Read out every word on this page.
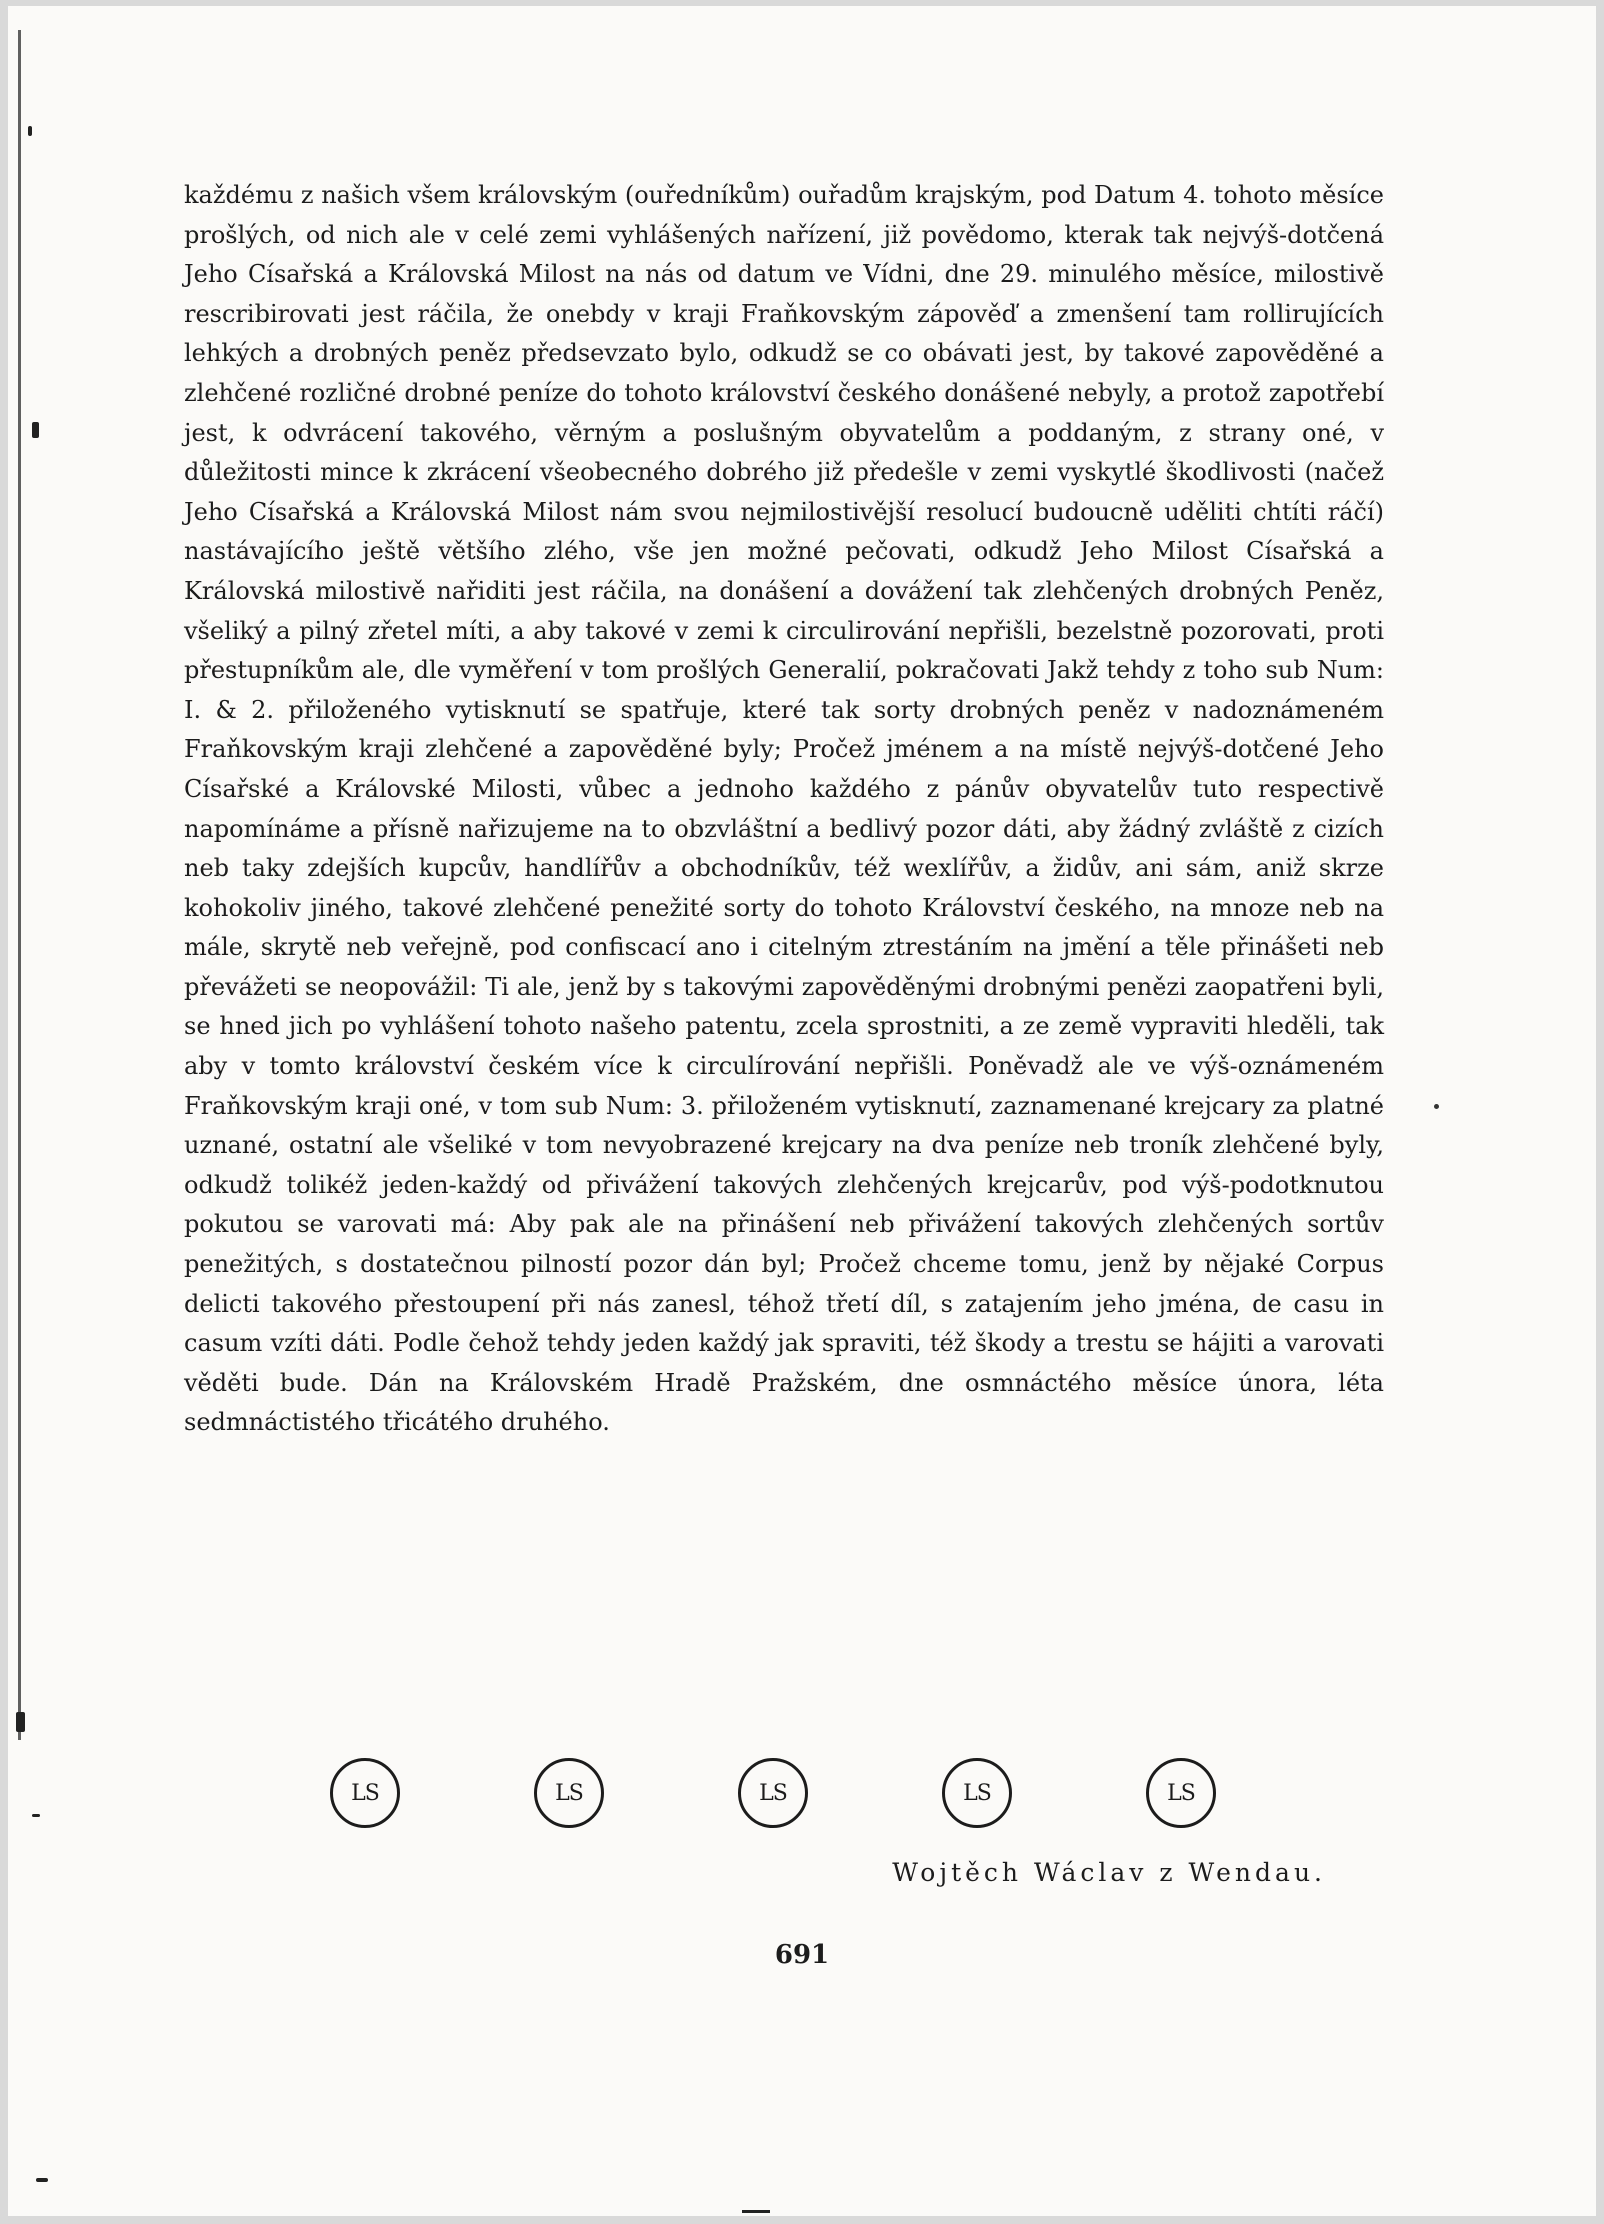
každému z našich všem královským (ouředníkům) ouřadům krajským, pod Datum 4. tohoto měsíce prošlých, od nich ale v celé zemi vyhlášených nařízení, již povědomo, kterak tak nejvýš-dotčená Jeho Císařská a Královská Milost na nás od datum ve Vídni, dne 29. minulého měsíce, milostivě rescribirovati jest ráčila, že onebdy v kraji Fraňkovským zápověď a zmenšení tam rollirujících lehkých a drobných peněz předsevzato bylo, odkudž se co obávati jest, by takové zapověděné a zlehčené rozličné drobné peníze do tohoto království českého donášené nebyly, a protož zapotřebí jest, k odvrácení takového, věrným a poslušným obyvatelům a poddaným, z strany oné, v důležitosti mince k zkrácení všeobecného dobrého již předešle v zemi vyskytlé škodlivosti (načež Jeho Císařská a Královská Milost nám svou nejmilostivější resolucí budoucně uděliti chtíti ráčí) nastávajícího ještě většího zlého, vše jen možné pečovati, odkudž Jeho Milost Císařská a Královská milostivě nařiditi jest ráčila, na donášení a dovážení tak zlehčených drobných Peněz, všeliký a pilný zřetel míti, a aby takové v zemi k circulirování nepřišli, bezelstně pozorovati, proti přestupníkům ale, dle vyměření v tom prošlých Generalií, pokračovati Jakž tehdy z toho sub Num: I. & 2. přiloženého vytisknutí se spatřuje, které tak sorty drobných peněz v nadoznámeném Fraňkovským kraji zlehčené a zapověděné byly; Pročež jménem a na místě nejvýš-dotčené Jeho Císařské a Královské Milosti, vůbec a jednoho každého z pánův obyvatelův tuto respectivě napomínáme a přísně nařizujeme na to obzvláštní a bedlivý pozor dáti, aby žádný zvláště z cizích neb taky zdejších kupcův, handlířův a obchodníkův, též wexlířův, a židův, ani sám, aniž skrze kohokoliv jiného, takové zlehčené penežité sorty do tohoto Království českého, na mnoze neb na mále, skrytě neb veřejně, pod confiscací ano i citelným ztrestáním na jmění a těle přinášeti neb převážeti se neopovážil: Ti ale, jenž by s takovými zapověděnými drobnými penězi zaopatřeni byli, se hned jich po vyhlášení tohoto našeho patentu, zcela sprostniti, a ze země vypraviti hleděli, tak aby v tomto království českém více k circulírování nepřišli. Poněvadž ale ve výš-oznámeném Fraňkovským kraji oné, v tom sub Num: 3. přiloženém vytisknutí, zaznamenané krejcary za platné uznané, ostatní ale všeliké v tom nevyobrazené krejcary na dva peníze neb troník zlehčené byly, odkudž tolikéž jeden-každý od přivážení takových zlehčených krejcarův, pod výš-podotknutou pokutou se varovati má: Aby pak ale na přinášení neb přivážení takových zlehčených sortův penežitých, s dostatečnou pilností pozor dán byl; Pročež chceme tomu, jenž by nějaké Corpus delicti takového přestoupení při nás zanesl, téhož třetí díl, s zatajením jeho jména, de casu in casum vzíti dáti. Podle čehož tehdy jeden každý jak spraviti, též škody a trestu se hájiti a varovati věděti bude. Dán na Královském Hradě Pražském, dne osmnáctého měsíce února, léta sedmnáctistého třicátého druhého.

LS	LS	LS	LS	LS
Wojtěch Wáclav z Wendau.
691
